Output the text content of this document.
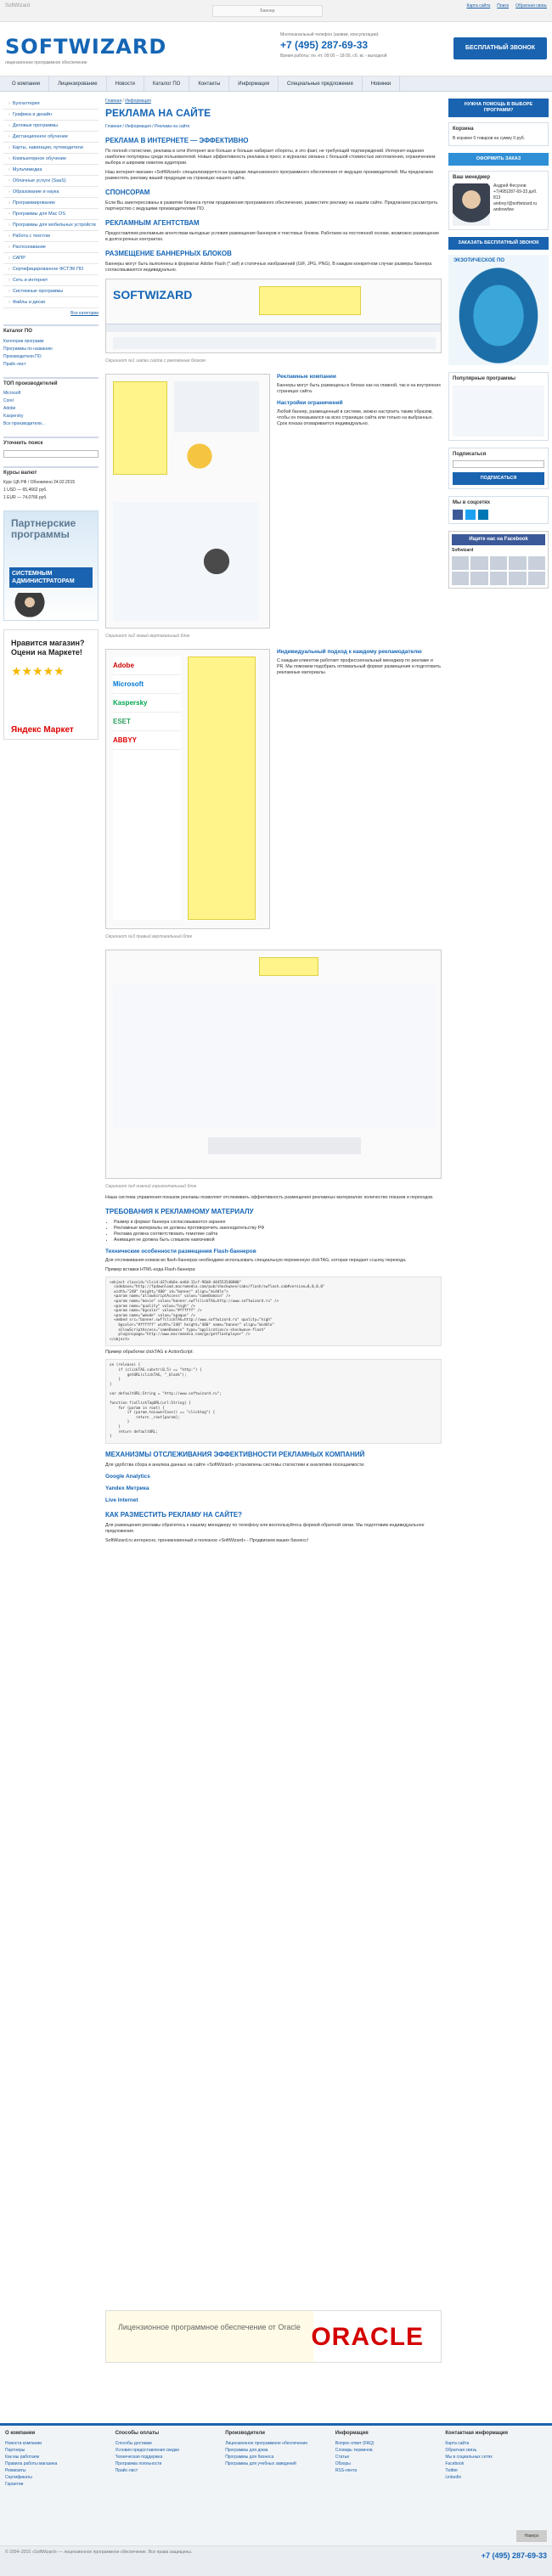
SoftWizard
Баннер
Карта сайта Поиск Обратная связь
SOFTWIZARD
лицензионное программное обеспечение
Многоканальный телефон (заявки, консультации):
+7 (495) 287-69-33
Время работы: пн.-пт. 09:00 – 18:00, сб, вс - выходной
БЕСПЛАТНЫЙ ЗВОНОК
О компании	Лицензирование	Новости	Каталог ПО	Контакты	Информация	Специальные предложения	Новинки
› Бухгалтерия
› Графика и дизайн
› Деловые программы
› Дистанционное обучение
› Карты, навигация, путеводители
› Компьютерное обучение
› Мультимедиа
› Облачные услуги (SaaS)
› Образование и наука
› Программирование
› Программы для Mac OS
› Программы для мобильных устройств
› Работа с текстом
› Распознавание
› САПР
› Сертифицированное ФСТЭК ПО
› Сеть и интернет
› Системные программы
› Файлы и диски
Все категории
Каталог ПО
Категории программ
Программы по названию
Производители ПО
Прайс-лист
ТОП производителей
Microsoft
Corel
Adobe
Kaspersky
Все производители...
Уточнить поиск
Курсы валют
Курс ЦБ РФ / Обновлено 24.02.2015
1 USD — 65,4662 руб.
1 EUR — 74,0766 руб.
Партнерские программы
СИСТЕМНЫМ АДМИНИСТРАТОРАМ
Нравится магазин? Оцени на Маркете!
★★★★★
Яндекс Маркет
Главная / Информация
РЕКЛАМА НА САЙТЕ
Главная / Информация / Реклама на сайте
РЕКЛАМА В ИНТЕРНЕТЕ — ЭФФЕКТИВНО

По полной статистике, реклама в сети Интернет все больше и больше набирает обороты, и это факт, не требующий подтверждений. Интернет-издания наиболее популярны среди пользователей. Новые эффективность реклама в пресс и журналах связана с большой стоимостью изготовления, ограничением выбора и широким охватом аудитории.

Наш интернет-магазин «SoftWizard» специализируется на продаже лицензионного программного обеспечения от ведущих производителей. Мы предлагаем разместить рекламу вашей продукции на страницах нашего сайта.

СПОНСОРАМ

Если Вы заинтересованы в развитии бизнеса путем продвижения программного обеспечения, разместите рекламу на нашем сайте. Предлагаем рассмотреть партнерство с ведущими производителями ПО.

РЕКЛАМНЫМ АГЕНТСТВАМ

Предоставляем рекламным агентствам выгодные условия размещения баннеров и текстовых блоков. Работаем на постоянной основе, возможно размещение в долгосрочных контрактах.

РАЗМЕЩЕНИЕ БАННЕРНЫХ БЛОКОВ

Баннеры могут быть выполнены в форматах Adobe Flash (*.swf) и статичных изображений (GIF, JPG, PNG). В каждом конкретном случае размеры баннера согласовываются индивидуально.

SOFTWIZARD
Скриншот №1 шапки сайта с рекламным блоком
Скриншот №2 левый вертикальный блок
Рекламные компании

Баннеры могут быть размещены в блоках как на главной, так и на внутренних страницах сайта.

Настройки ограничений

Любой баннер, размещенный в системе, можно настроить таким образом, чтобы он показывался на всех страницах сайта или только на выбранных. Срок показа оговаривается индивидуально.

Adobe
Microsoft
Kaspersky
ESET
ABBYY
Скриншот №3 правый вертикальный блок
Индивидуальный подход к каждому рекламодателю

С каждым клиентом работает профессиональный менеджер по рекламе и PR. Мы поможем подобрать оптимальный формат размещения и подготовить рекламные материалы.

Скриншот №4 нижний горизонтальный блок

Наша система управления показом рекламы позволяет отслеживать эффективность размещения рекламных материалов: количество показов и переходов.

ТРЕБОВАНИЯ К РЕКЛАМНОМУ МАТЕРИАЛУ
• Размер и формат баннера согласовываются заранее
• Рекламные материалы не должны противоречить законодательству РФ
• Реклама должна соответствовать тематике сайта
• Анимация не должна быть слишком навязчивой
Технические особенности размещения Flash-баннеров

Для отслеживания кликов во flash-баннерах необходимо использовать специальную переменную clickTAG, которая передает ссылку перехода.

Пример вставки HTML-кода Flash-баннера:

<object classid="clsid:d27cdb6e-ae6d-11cf-96b8-444553540000"
codebase="http://fpdownload.macromedia.com/pub/shockwave/cabs/flash/swflash.cab#version=8,0,0,0"
width="240" height="400" id="banner" align="middle">
<param name="allowScriptAccess" value="sameDomain" />
<param name="movie" value="banner.swf?clickTAG=http://www.softwizard.ru" />
<param name="quality" value="high" />
<param name="bgcolor" value="#ffffff" />
<param name="wmode" value="opaque" />
<embed src="banner.swf?clickTAG=http://www.softwizard.ru" quality="high"
bgcolor="#ffffff" width="240" height="400" name="banner" align="middle"
allowScriptAccess="sameDomain" type="application/x-shockwave-flash"
pluginspage="http://www.macromedia.com/go/getflashplayer" />
</object>

Пример обработки clickTAG в ActionScript:

on (release) {
if (clickTAG.substr(0,5) == "http:") {
getURL(clickTAG, "_blank");
}
}

var defaultURL:String = "http://www.softwizard.ru";

function fixClickTagURL(url:String) {
for (param in root) {
if (param.toLowerCase() == "clicktag") {
return _root[param];
}
}
return defaultURL;
}
МЕХАНИЗМЫ ОТСЛЕЖИВАНИЯ ЭФФЕКТИВНОСТИ РЕКЛАМНЫХ КОМПАНИЙ

Для удобства сбора и анализа данных на сайте «SoftWizard» установлены системы статистики и аналитики посещаемости.

Google Analytics
Yandex Метрика
Live Internet
КАК РАЗМЕСТИТЬ РЕКЛАМУ НА САЙТЕ?

Для размещения рекламы обратитесь к нашему менеджеру по телефону или воспользуйтесь формой обратной связи. Мы подготовим индивидуальное предложение.

SoftWizard.ru интересно, проникновенный и полезное «SoftWizard» - Продвигаем ваших бизнесс!

НУЖНА ПОМОЩЬ В ВЫБОРЕ ПРОГРАММ?
Корзина
В корзине 0 товаров на сумму 0 руб.
ОФОРМИТЬ ЗАКАЗ
Ваш менеджер
Андрей Фесунов
+7(495)287-69-33 доб. 813
andrey.f@softwizard.ru
andrewfsw
ЗАКАЗАТЬ БЕСПЛАТНЫЙ ЗВОНОК
ЭКЗОТИЧЕСКОЕ ПО
Популярные программы
Подписаться
ПОДПИСАТЬСЯ
Мы в соцсетях
Ищите нас на Facebook
Softwizard
Лицензионное программное обеспечение от Oracle ORACLE
О компании
Новости компании
Партнеры
Как мы работаем
Правила работы магазина
Реквизиты
Сертификаты
Гарантии
Способы оплаты
Способы доставки
Условия предоставления скидки
Техническая поддержка
Программа лояльности
Прайс-лист
Производители
Лицензионное программное обеспечение
Программы для дома
Программы для бизнеса
Программы для учебных заведений
Информация
Вопрос-ответ (FAQ)
Словарь терминов
Статьи
Обзоры
RSS-лента
Контактная информация
Карта сайта
Обратная связь
Мы в социальных сетях
Facebook
Twitter
LinkedIn
Наверх
© 2004–2015 «SoftWizard» — лицензионное программное обеспечение. Все права защищены.	+7 (495) 287-69-33
